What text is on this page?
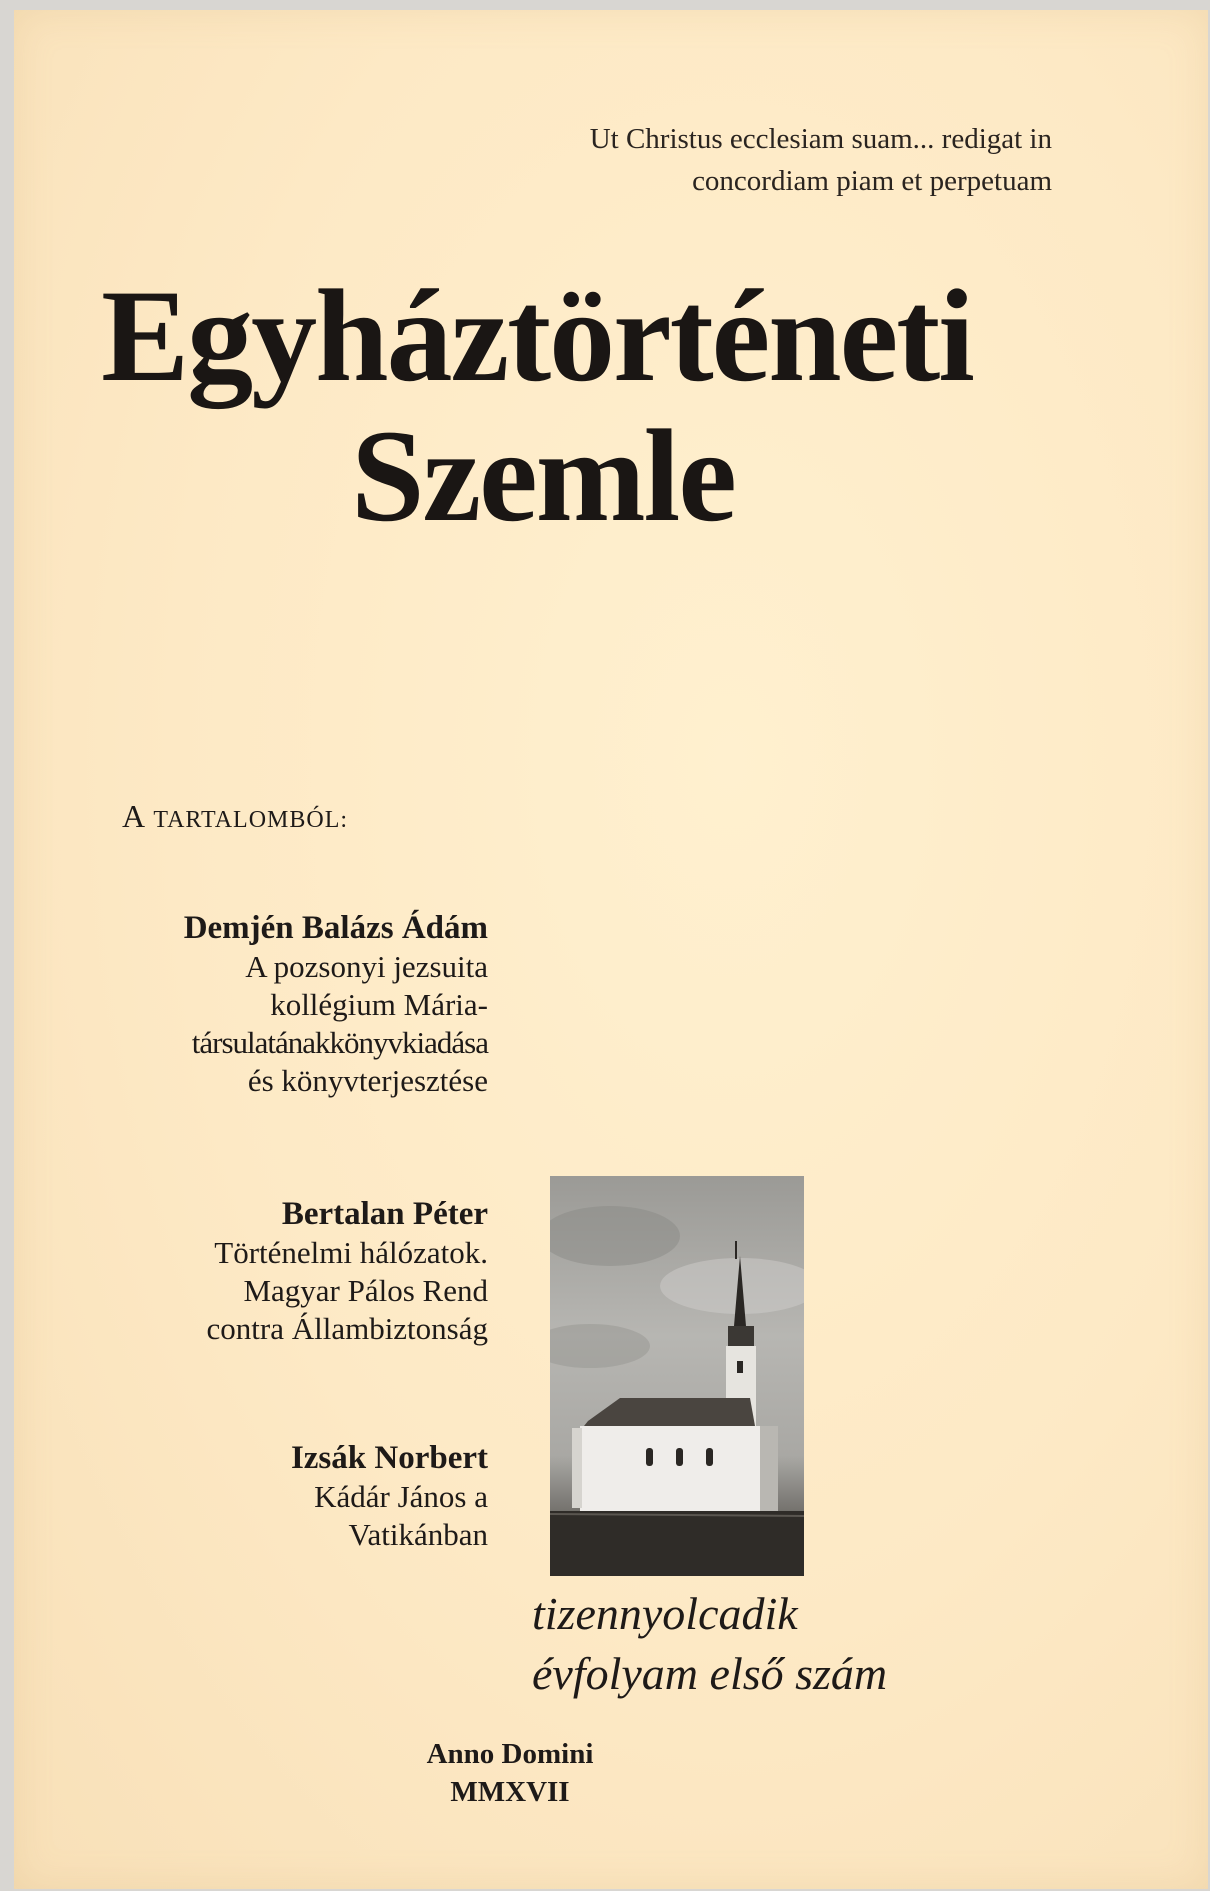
Ut Christus ecclesiam suam... redigat in
concordiam piam et perpetuam
Egyháztörténeti
Szemle
A TARTALOMBÓL:
Demjén Balázs Ádám
A pozsonyi jezsuita
kollégium Mária-
társulatánakkönyvkiadása
és könyvterjesztése
Bertalan Péter
Történelmi hálózatok.
Magyar Pálos Rend
contra Állambiztonság
Izsák Norbert
Kádár János a
Vatikánban
tizennyolcadik
évfolyam első szám
Anno Domini
MMXVII
